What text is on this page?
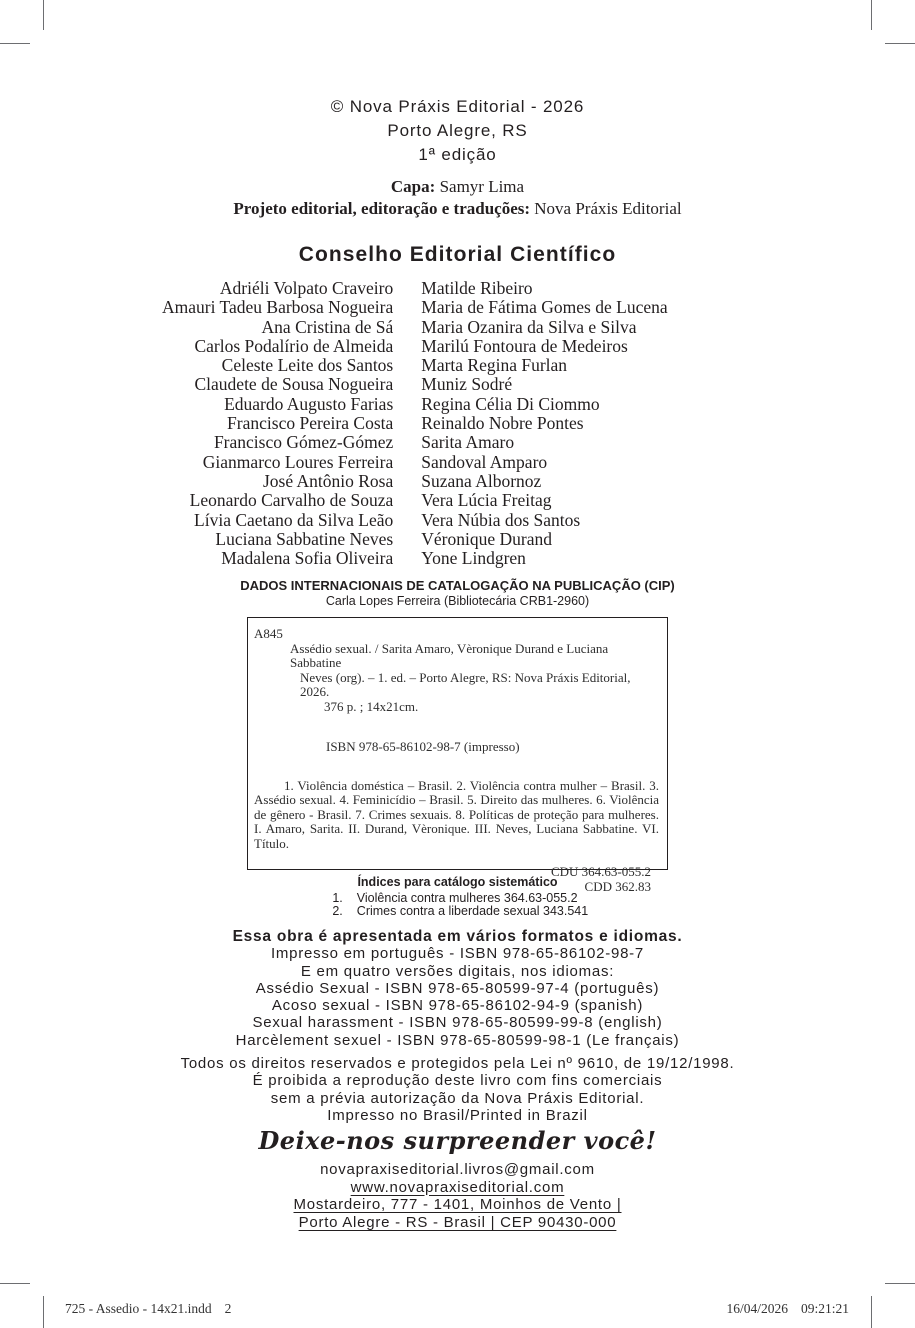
© Nova Práxis Editorial - 2026
Porto Alegre, RS
1ª edição
Capa: Samyr Lima
Projeto editorial, editoração e traduções: Nova Práxis Editorial
Conselho Editorial Científico
Adriéli Volpato Craveiro
Amauri Tadeu Barbosa Nogueira
Ana Cristina de Sá
Carlos Podalírio de Almeida
Celeste Leite dos Santos
Claudete de Sousa Nogueira
Eduardo Augusto Farias
Francisco Pereira Costa
Francisco Gómez-Gómez
Gianmarco Loures Ferreira
José Antônio Rosa
Leonardo Carvalho de Souza
Lívia Caetano da Silva Leão
Luciana Sabbatine Neves
Madalena Sofia Oliveira
Matilde Ribeiro
Maria de Fátima Gomes de Lucena
Maria Ozanira da Silva e Silva
Marilú Fontoura de Medeiros
Marta Regina Furlan
Muniz Sodré
Regina Célia Di Ciommo
Reinaldo Nobre Pontes
Sarita Amaro
Sandoval Amparo
Suzana Albornoz
Vera Lúcia Freitag
Vera Núbia dos Santos
Véronique Durand
Yone Lindgren
DADOS INTERNACIONAIS DE CATALOGAÇÃO NA PUBLICAÇÃO (CIP)
Carla Lopes Ferreira (Bibliotecária CRB1-2960)
A845
Assédio sexual. / Sarita Amaro, Vèronique Durand e Luciana Sabbatine
Neves (org). – 1. ed. – Porto Alegre, RS: Nova Práxis Editorial, 2026.
376 p. ; 14x21cm.
ISBN 978-65-86102-98-7 (impresso)
1. Violência doméstica – Brasil. 2. Violência contra mulher – Brasil. 3. Assédio sexual. 4. Feminicídio – Brasil. 5. Direito das mulheres. 6. Violência de gênero - Brasil. 7. Crimes sexuais. 8. Políticas de proteção para mulheres. I. Amaro, Sarita. II. Durand, Vèronique. III. Neves, Luciana Sabbatine. VI. Título.
CDU 364.63-055.2
CDD 362.83
Índices para catálogo sistemático
1. Violência contra mulheres 364.63-055.2
2. Crimes contra a liberdade sexual 343.541
Essa obra é apresentada em vários formatos e idiomas.
Impresso em português - ISBN 978-65-86102-98-7
E em quatro versões digitais, nos idiomas:
Assédio Sexual - ISBN 978-65-80599-97-4 (português)
Acoso sexual - ISBN 978-65-86102-94-9 (spanish)
Sexual harassment - ISBN 978-65-80599-99-8 (english)
Harcèlement sexuel - ISBN 978-65-80599-98-1 (Le français)
Todos os direitos reservados e protegidos pela Lei nº 9610, de 19/12/1998.
É proibida a reprodução deste livro com fins comerciais
sem a prévia autorização da Nova Práxis Editorial.
Impresso no Brasil/Printed in Brazil
Deixe-nos surpreender você!
novapraxiseditorial.livros@gmail.com
www.novapraxiseditorial.com
Mostardeiro, 777 - 1401, Moinhos de Vento |
Porto Alegre - RS - Brasil | CEP 90430-000
725 - Assedio - 14x21.indd 2	16/04/2026 09:21:21
